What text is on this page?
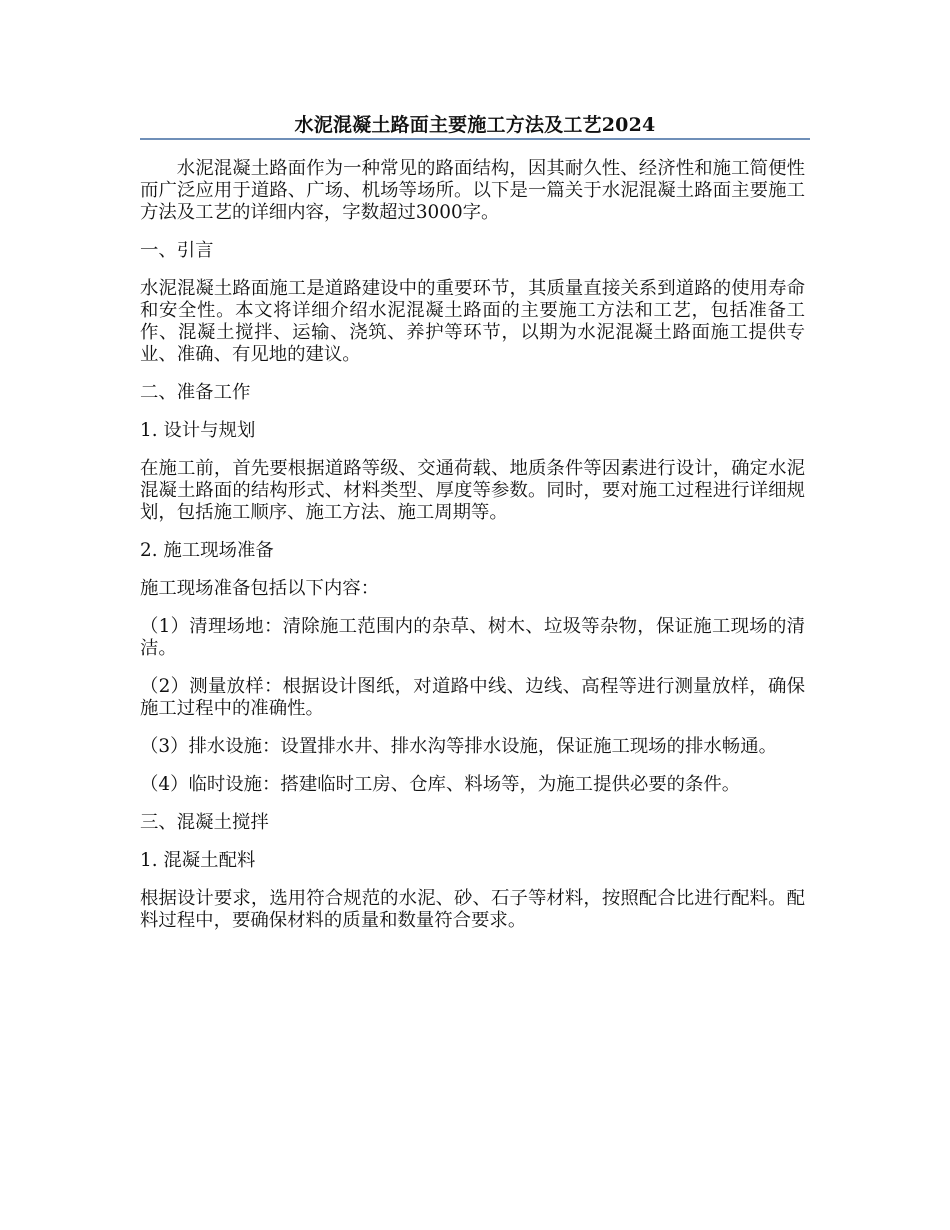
水泥混凝土路面主要施工方法及工艺2024

水泥混凝土路面作为一种常见的路面结构，因其耐久性、经济性和施工简便性而广泛应用于道路、广场、机场等场所。以下是一篇关于水泥混凝土路面主要施工方法及工艺的详细内容，字数超过3000字。

一、引言

水泥混凝土路面施工是道路建设中的重要环节，其质量直接关系到道路的使用寿命和安全性。本文将详细介绍水泥混凝土路面的主要施工方法和工艺，包括准备工作、混凝土搅拌、运输、浇筑、养护等环节，以期为水泥混凝土路面施工提供专业、准确、有见地的建议。

二、准备工作

1. 设计与规划

在施工前，首先要根据道路等级、交通荷载、地质条件等因素进行设计，确定水泥混凝土路面的结构形式、材料类型、厚度等参数。同时，要对施工过程进行详细规划，包括施工顺序、施工方法、施工周期等。

2. 施工现场准备

施工现场准备包括以下内容：

（1）清理场地：清除施工范围内的杂草、树木、垃圾等杂物，保证施工现场的清洁。

（2）测量放样：根据设计图纸，对道路中线、边线、高程等进行测量放样，确保施工过程中的准确性。

（3）排水设施：设置排水井、排水沟等排水设施，保证施工现场的排水畅通。

（4）临时设施：搭建临时工房、仓库、料场等，为施工提供必要的条件。

三、混凝土搅拌

1. 混凝土配料

根据设计要求，选用符合规范的水泥、砂、石子等材料，按照配合比进行配料。配料过程中，要确保材料的质量和数量符合要求。
